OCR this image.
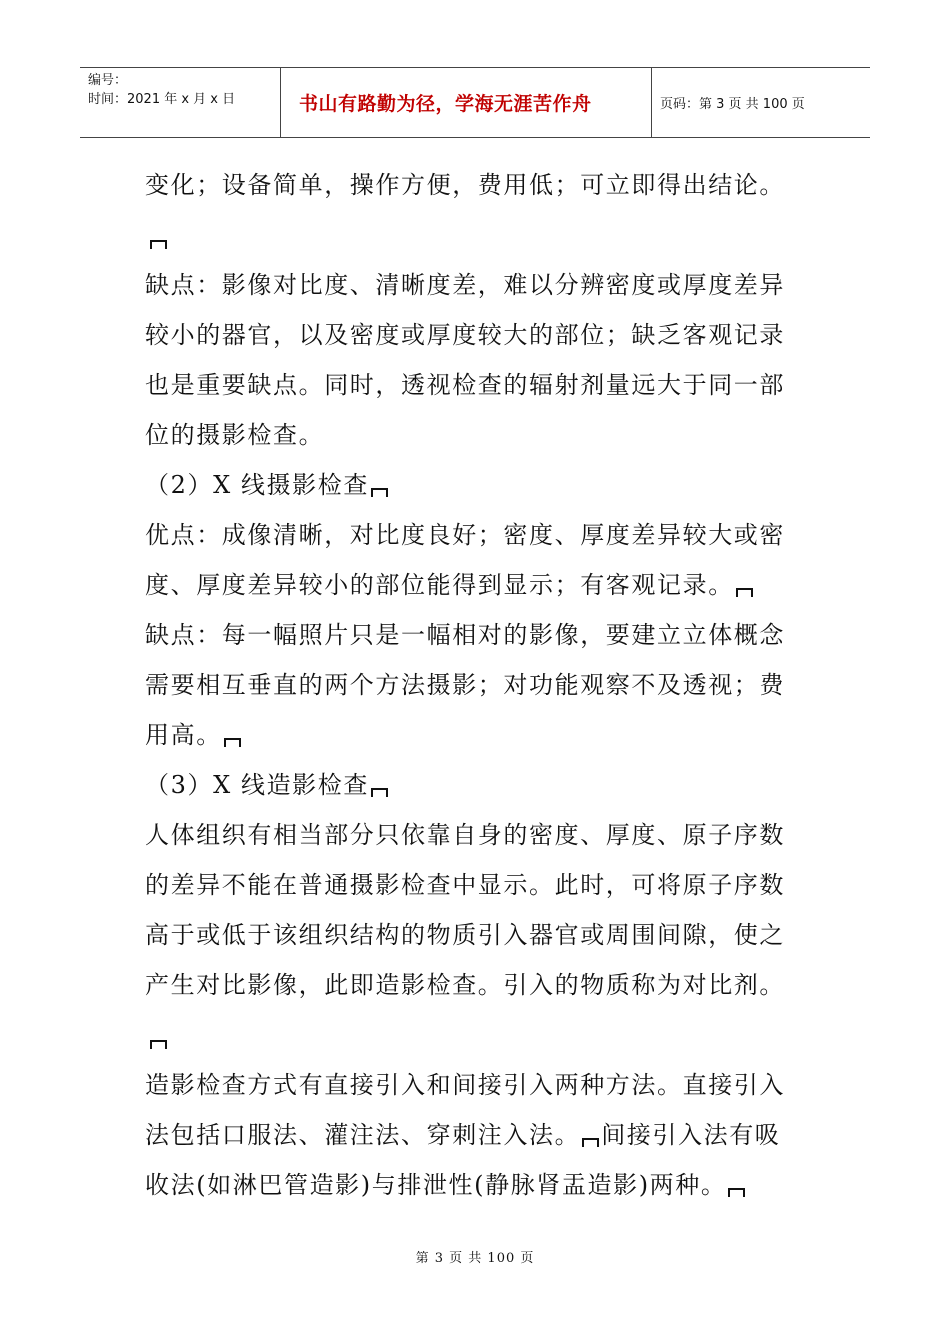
编号：
时间：2021 年 x 月 x 日	书山有路勤为径，学海无涯苦作舟	页码：第 3 页 共 100 页
变化；设备简单，操作方便，费用低；可立即得出结论。
缺点：影像对比度、清晰度差，难以分辨密度或厚度差异
较小的器官，以及密度或厚度较大的部位；缺乏客观记录
也是重要缺点。同时，透视检查的辐射剂量远大于同一部
位的摄影检查。
（2）X 线摄影检查
优点：成像清晰，对比度良好；密度、厚度差异较大或密
度、厚度差异较小的部位能得到显示；有客观记录。
缺点：每一幅照片只是一幅相对的影像，要建立立体概念
需要相互垂直的两个方法摄影；对功能观察不及透视；费
用高。
（3）X 线造影检查
人体组织有相当部分只依靠自身的密度、厚度、原子序数
的差异不能在普通摄影检查中显示。此时，可将原子序数
高于或低于该组织结构的物质引入器官或周围间隙，使之
产生对比影像，此即造影检查。引入的物质称为对比剂。
造影检查方式有直接引入和间接引入两种方法。直接引入
法包括口服法、灌注法、穿刺注入法。 间接引入法有吸
收法(如淋巴管造影)与排泄性(静脉肾盂造影)两种。
第 3 页 共 100 页
